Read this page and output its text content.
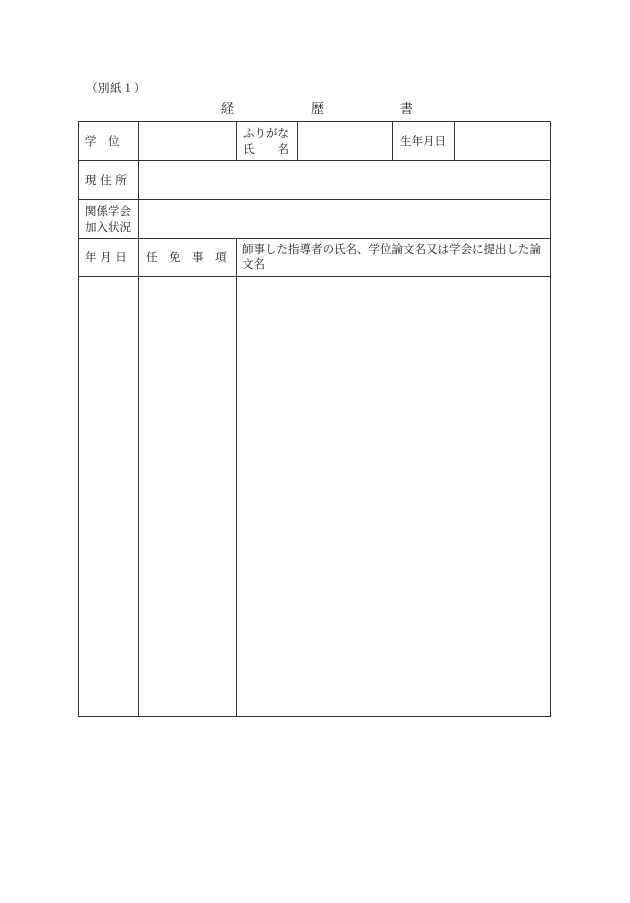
（別紙１）
経	歴	書
学　位
ふりがな
氏　　名
生年月日
現 住 所
関係学会
加入状況
年 月 日 任　免　事　項
師事した指導者の氏名、学位論文名又は学会に提出した論
文名
